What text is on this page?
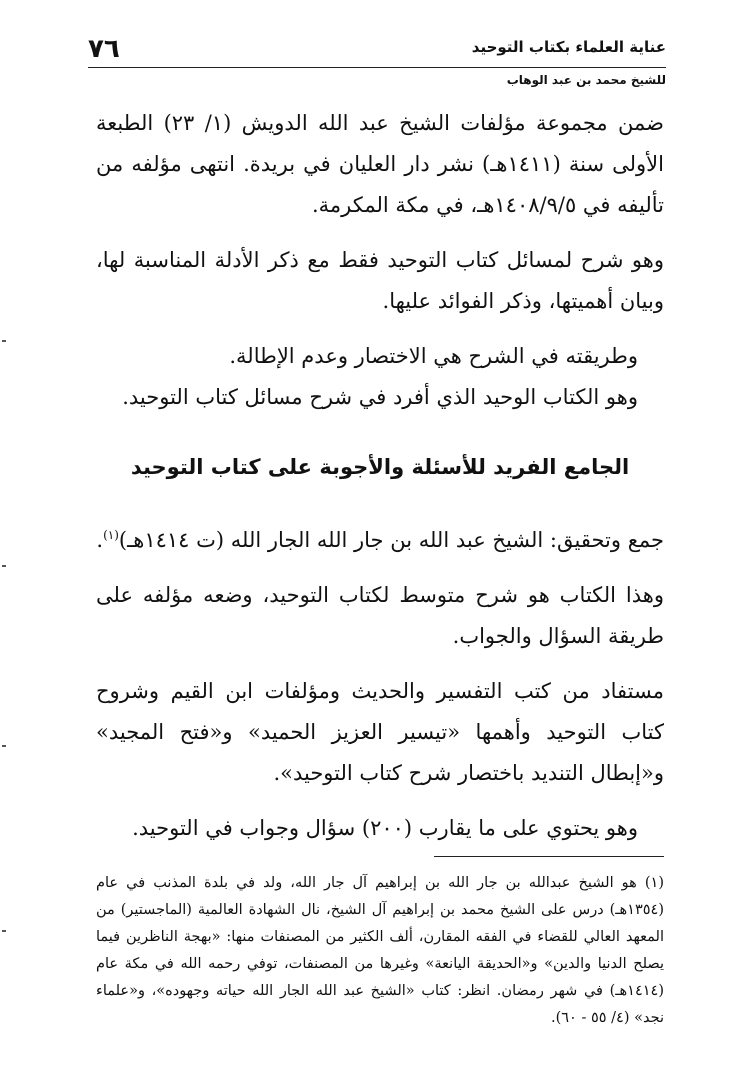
٧٦	عناية العلماء بكتاب التوحيد
للشيخ محمد بن عبد الوهاب

ضمن مجموعة مؤلفات الشيخ عبد الله الدويش (١/ ٢٣) الطبعة الأولى سنة (١٤١١هـ) نشر دار العليان في بريدة. انتهى مؤلفه من تأليفه في ١٤٠٨/٩/٥هـ، في مكة المكرمة.

وهو شرح لمسائل كتاب التوحيد فقط مع ذكر الأدلة المناسبة لها، وبيان أهميتها، وذكر الفوائد عليها.

وطريقته في الشرح هي الاختصار وعدم الإطالة.

وهو الكتاب الوحيد الذي أفرد في شرح مسائل كتاب التوحيد.

الجامع الفريد للأسئلة والأجوبة على كتاب التوحيد

جمع وتحقيق: الشيخ عبد الله بن جار الله الجار الله (ت ١٤١٤هـ)$^{(١)}$.

وهذا الكتاب هو شرح متوسط لكتاب التوحيد، وضعه مؤلفه على طريقة السؤال والجواب.

مستفاد من كتب التفسير والحديث ومؤلفات ابن القيم وشروح كتاب التوحيد وأهمها «تيسير العزيز الحميد» و«فتح المجيد» و«إبطال التنديد باختصار شرح كتاب التوحيد».

وهو يحتوي على ما يقارب (٢٠٠) سؤال وجواب في التوحيد.

(١) هو الشيخ عبدالله بن جار الله بن إبراهيم آل جار الله، ولد في بلدة المذنب في عام (١٣٥٤هـ) درس على الشيخ محمد بن إبراهيم آل الشيخ، نال الشهادة العالمية (الماجستير) من المعهد العالي للقضاء في الفقه المقارن، ألف الكثير من المصنفات منها: «بهجة الناظرين فيما يصلح الدنيا والدين» و«الحديقة اليانعة» وغيرها من المصنفات، توفي رحمه الله في مكة عام (١٤١٤هـ) في شهر رمضان. انظر: كتاب «الشيخ عبد الله الجار الله حياته وجهوده»، و«علماء نجد» (٤/ ٥٥ - ٦٠).
